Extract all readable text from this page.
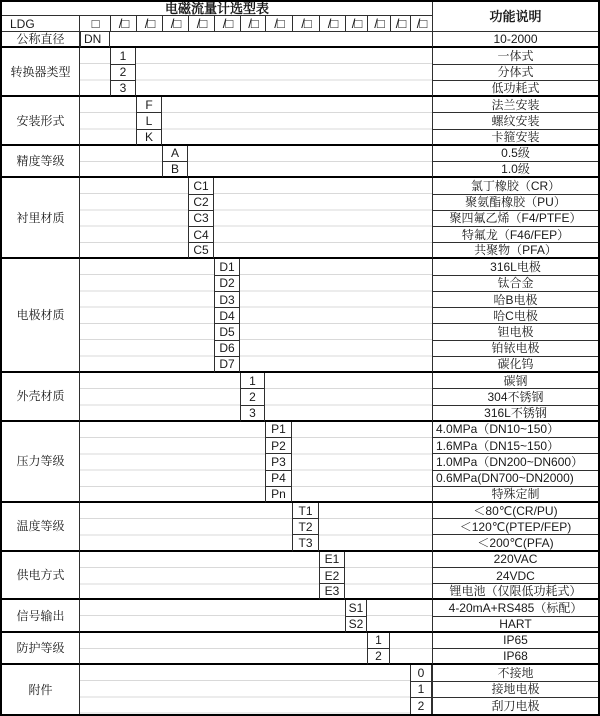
电磁流量计选型表
功能说明
LDG	□	/□	/□	/□	/□	/□	/□	/□	/□	/□	/□	/□ /□ /□
公称直径	DN	10-2000
转换器类型
1	一体式
2	分体式
3	低功耗式
安装形式
F	法兰安装
L	螺纹安装
K	卡箍安装
精度等级
A	0.5级
B	1.0级
衬里材质
C1	氯丁橡胶（CR）
C2	聚氨酯橡胶（PU）
C3	聚四氟乙烯（F4/PTFE）
C4	特氟龙（F46/FEP）
C5	共聚物（PFA）
电极材质
D1	316L电极
D2	钛合金
D3	哈B电极
D4	哈C电极
D5	钽电极
D6	铂铱电极
D7	碳化钨
外壳材质
1	碳钢
2	304不锈钢
3	316L不锈钢
压力等级
P1	4.0MPa（DN10~150）
P2	1.6MPa（DN15~150）
P3	1.0MPa（DN200~DN600）
P4	0.6MPa(DN700~DN2000)
Pn	特殊定制
温度等级
T1	＜80℃(CR/PU)
T2	＜120℃(PTEP/FEP)
T3	＜200℃(PFA)
供电方式
E1	220VAC
E2	24VDC
E3	锂电池（仅限低功耗式）
信号输出
S1	4-20mA+RS485（标配）
S2	HART
防护等级
1	IP65
2	IP68
附件
0	不接地
1	接地电极
2	刮刀电极
